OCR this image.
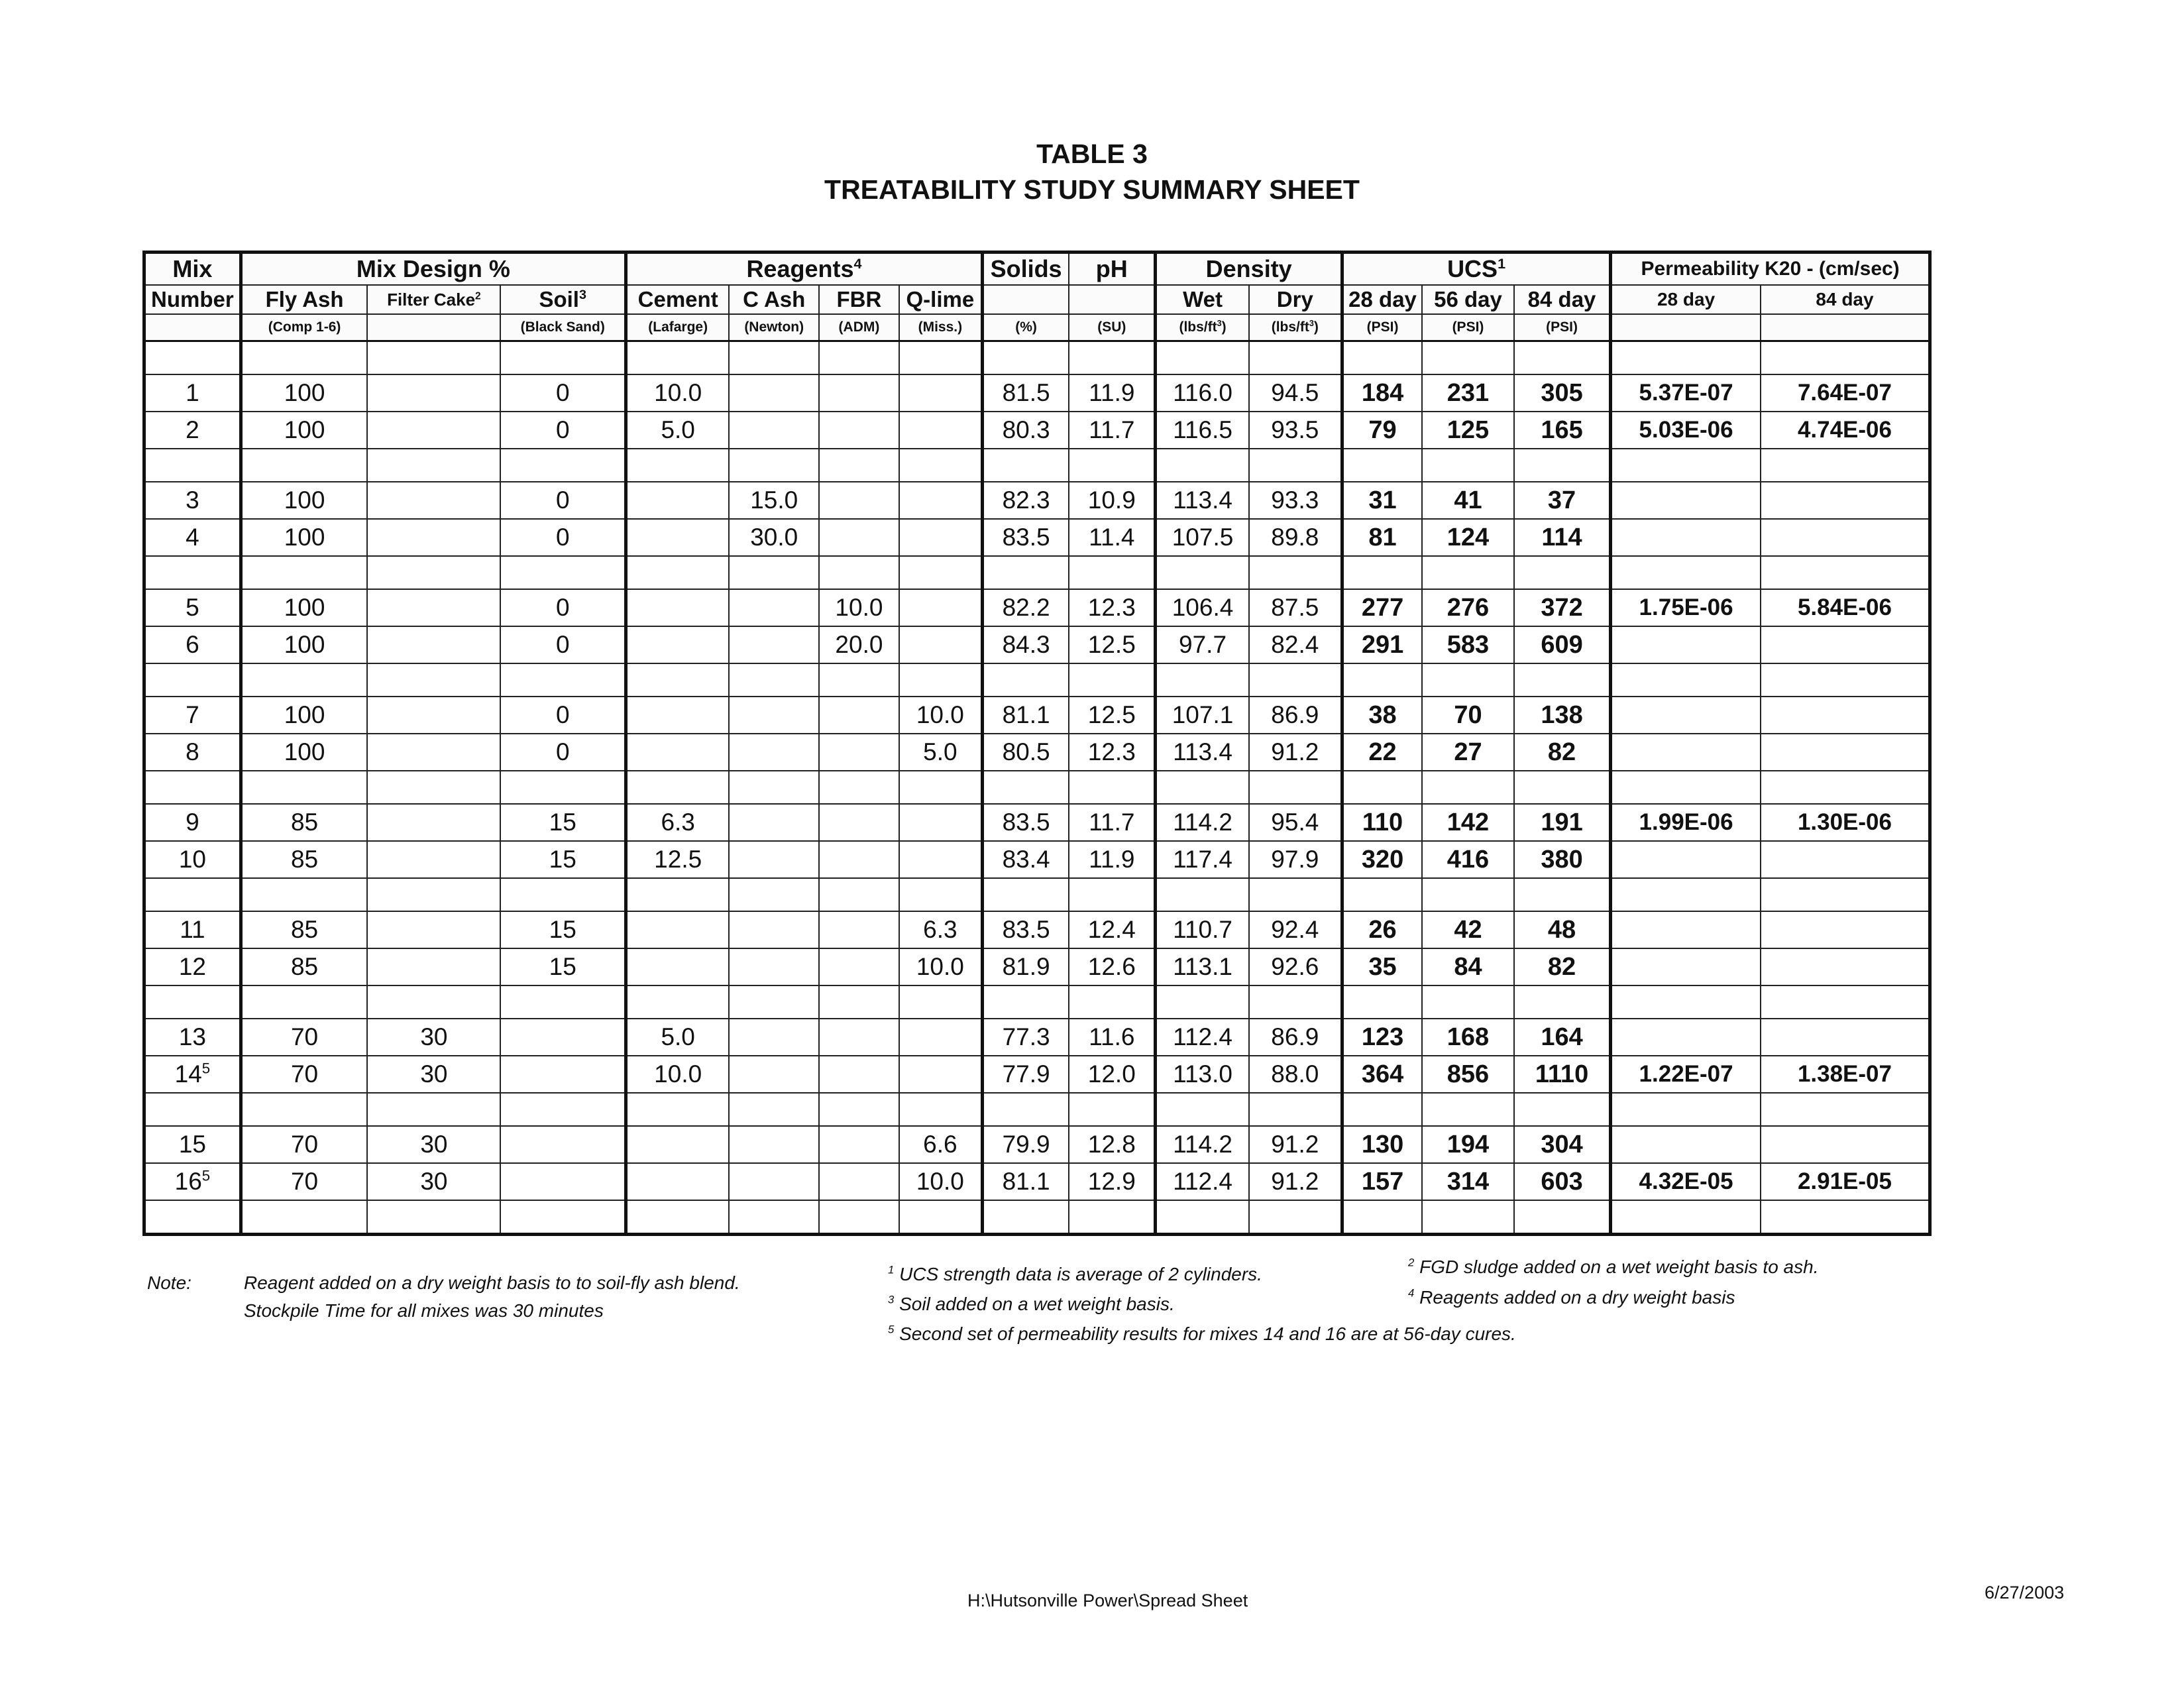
TABLE 3
TREATABILITY STUDY SUMMARY SHEET
Mix	Mix Design %			Reagents$^4$				Solids	pH	Density		UCS$^1$			Permeability K20 - (cm/sec)	
Number	Fly Ash	Filter Cake$^2$	Soil$^3$	Cement	C Ash	FBR	Q-lime			Wet	Dry	28 day	56 day	84 day	28 day	84 day
	(Comp 1-6)		(Black Sand)	(Lafarge)	(Newton)	(ADM)	(Miss.)	(%)	(SU)	$(lbs/ft^3)$	$(lbs/ft^3)$	(PSI)	(PSI)	(PSI)		

1	100		0	10.0				81.5	11.9	116.0	94.5	184	231	305	5.37E-07	7.64E-07
2	100		0	5.0				80.3	11.7	116.5	93.5	79	125	165	5.03E-06	4.74E-06

3	100		0		15.0			82.3	10.9	113.4	93.3	31	41	37		
4	100		0		30.0			83.5	11.4	107.5	89.8	81	124	114		

5	100		0			10.0		82.2	12.3	106.4	87.5	277	276	372	1.75E-06	5.84E-06
6	100		0			20.0		84.3	12.5	97.7	82.4	291	583	609		

7	100		0				10.0	81.1	12.5	107.1	86.9	38	70	138		
8	100		0				5.0	80.5	12.3	113.4	91.2	22	27	82		

9	85		15	6.3				83.5	11.7	114.2	95.4	110	142	191	1.99E-06	1.30E-06
10	85		15	12.5				83.4	11.9	117.4	97.9	320	416	380		

11	85		15				6.3	83.5	12.4	110.7	92.4	26	42	48		
12	85		15				10.0	81.9	12.6	113.1	92.6	35	84	82		

13	70	30		5.0				77.3	11.6	112.4	86.9	123	168	164		
$14^5$	70	30		10.0				77.9	12.0	113.0	88.0	364	856	1110	1.22E-07	1.38E-07

15	70	30					6.6	79.9	12.8	114.2	91.2	130	194	304		
$16^5$	70	30					10.0	81.1	12.9	112.4	91.2	157	314	603	4.32E-05	2.91E-05

Note:	Reagent added on a dry weight basis to to soil-fly ash blend.
Stockpile Time for all mixes was 30 minutes
$^1$ UCS strength data is average of 2 cylinders.
$^3$ Soil added on a wet weight basis.
$^5$ Second set of permeability results for mixes 14 and 16 are at 56-day cures.
$^2$ FGD sludge added on a wet weight basis to ash.
$^4$ Reagents added on a dry weight basis
H:\Hutsonville Power\Spread Sheet	6/27/2003
